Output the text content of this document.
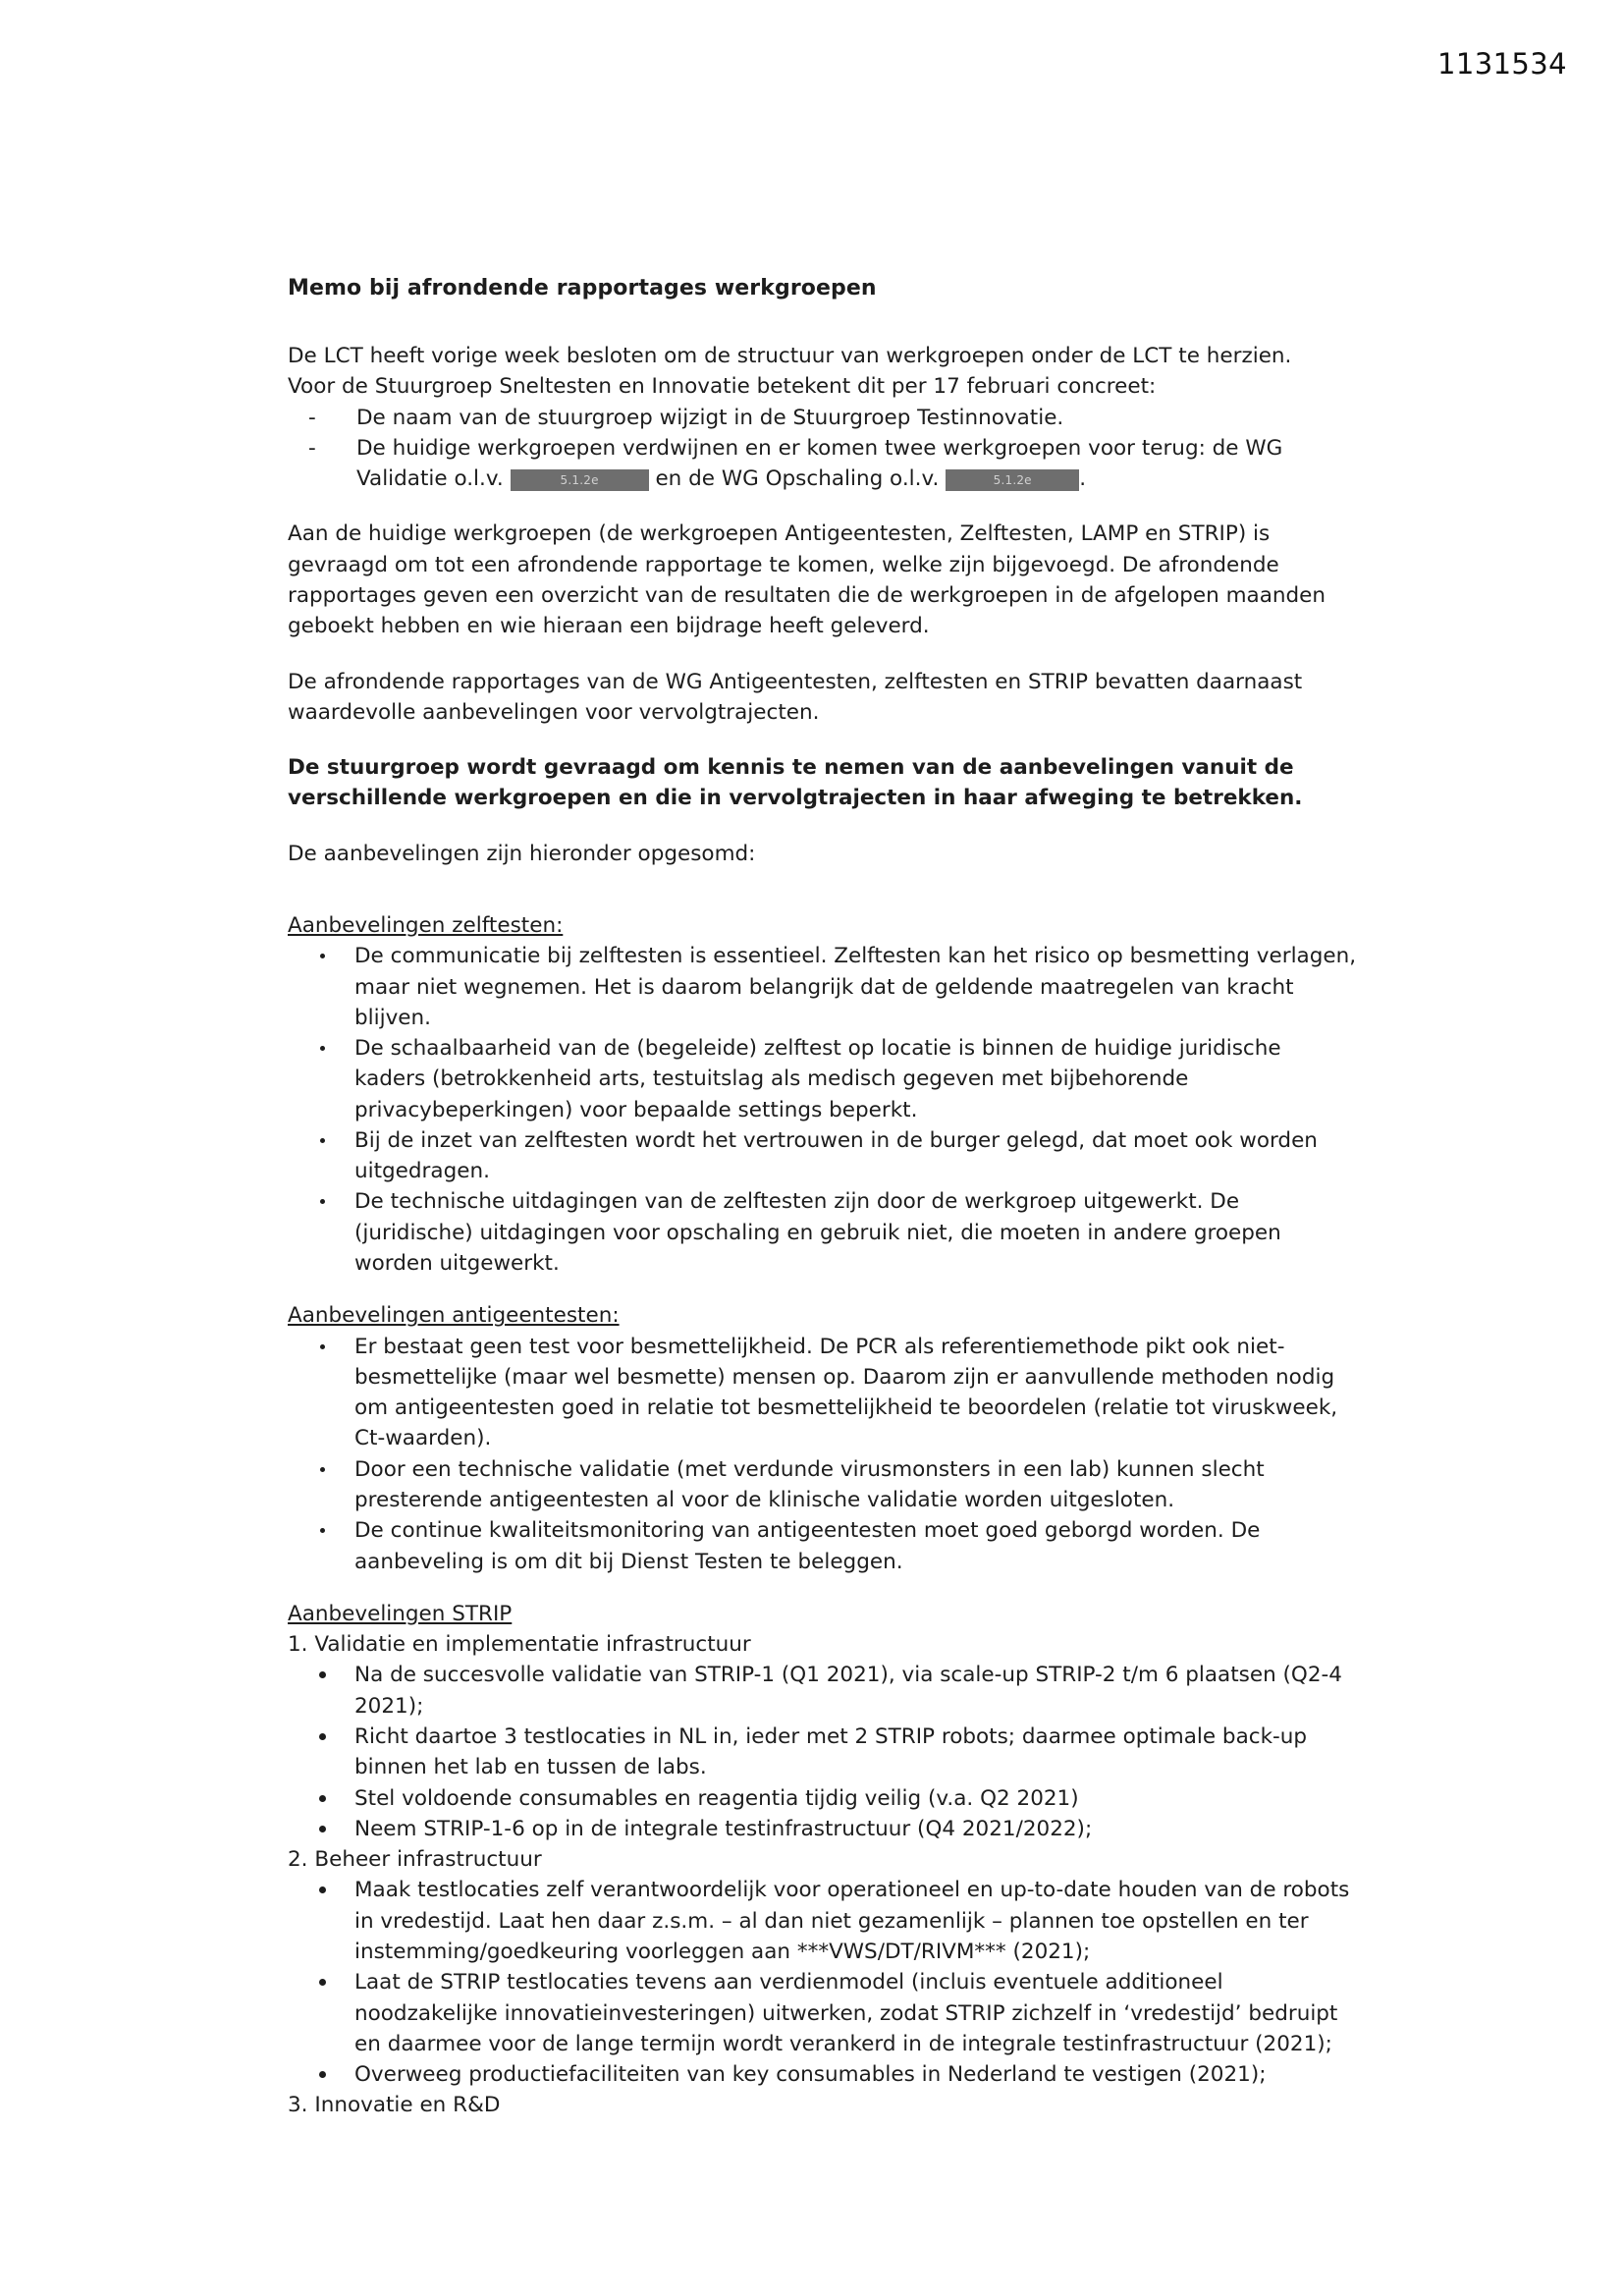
1131534
Memo bij afrondende rapportages werkgroepen

De LCT heeft vorige week besloten om de structuur van werkgroepen onder de LCT te herzien.

Voor de Stuurgroep Sneltesten en Innovatie betekent dit per 17 februari concreet:

- De naam van de stuurgroep wijzigt in de Stuurgroep Testinnovatie.
- De huidige werkgroepen verdwijnen en er komen twee werkgroepen voor terug: de WG Validatie o.l.v.	5.1.2e	en de WG Opschaling o.l.v.	5.1.2e .

Aan de huidige werkgroepen (de werkgroepen Antigeentesten, Zelftesten, LAMP en STRIP) is gevraagd om tot een afrondende rapportage te komen, welke zijn bijgevoegd. De afrondende rapportages geven een overzicht van de resultaten die de werkgroepen in de afgelopen maanden geboekt hebben en wie hieraan een bijdrage heeft geleverd.

De afrondende rapportages van de WG Antigeentesten, zelftesten en STRIP bevatten daarnaast waardevolle aanbevelingen voor vervolgtrajecten.

De stuurgroep wordt gevraagd om kennis te nemen van de aanbevelingen vanuit de verschillende werkgroepen en die in vervolgtrajecten in haar afweging te betrekken.

De aanbevelingen zijn hieronder opgesomd:

Aanbevelingen zelftesten:

De communicatie bij zelftesten is essentieel. Zelftesten kan het risico op besmetting verlagen, maar niet wegnemen. Het is daarom belangrijk dat de geldende maatregelen van kracht blijven.
De schaalbaarheid van de (begeleide) zelftest op locatie is binnen de huidige juridische kaders (betrokkenheid arts, testuitslag als medisch gegeven met bijbehorende privacybeperkingen) voor bepaalde settings beperkt.
Bij de inzet van zelftesten wordt het vertrouwen in de burger gelegd, dat moet ook worden uitgedragen.
De technische uitdagingen van de zelftesten zijn door de werkgroep uitgewerkt. De (juridische) uitdagingen voor opschaling en gebruik niet, die moeten in andere groepen worden uitgewerkt.

Aanbevelingen antigeentesten:

Er bestaat geen test voor besmettelijkheid. De PCR als referentiemethode pikt ook niet-besmettelijke (maar wel besmette) mensen op. Daarom zijn er aanvullende methoden nodig om antigeentesten goed in relatie tot besmettelijkheid te beoordelen (relatie tot viruskweek, Ct-waarden).
Door een technische validatie (met verdunde virusmonsters in een lab) kunnen slecht presterende antigeentesten al voor de klinische validatie worden uitgesloten.
De continue kwaliteitsmonitoring van antigeentesten moet goed geborgd worden. De aanbeveling is om dit bij Dienst Testen te beleggen.

Aanbevelingen STRIP

1. Validatie en implementatie infrastructuur

Na de succesvolle validatie van STRIP-1 (Q1 2021), via scale-up STRIP-2 t/m 6 plaatsen (Q2-4 2021);
Richt daartoe 3 testlocaties in NL in, ieder met 2 STRIP robots; daarmee optimale back-up binnen het lab en tussen de labs.
Stel voldoende consumables en reagentia tijdig veilig (v.a. Q2 2021)
Neem STRIP-1-6 op in de integrale testinfrastructuur (Q4 2021/2022);

2. Beheer infrastructuur

Maak testlocaties zelf verantwoordelijk voor operationeel en up-to-date houden van de robots in vredestijd. Laat hen daar z.s.m. – al dan niet gezamenlijk – plannen toe opstellen en ter instemming/goedkeuring voorleggen aan ***VWS/DT/RIVM*** (2021);
Laat de STRIP testlocaties tevens aan verdienmodel (incluis eventuele additioneel noodzakelijke innovatieinvesteringen) uitwerken, zodat STRIP zichzelf in ‘vredestijd’ bedruipt en daarmee voor de lange termijn wordt verankerd in de integrale testinfrastructuur (2021);
Overweeg productiefaciliteiten van key consumables in Nederland te vestigen (2021);

3. Innovatie en R&D
